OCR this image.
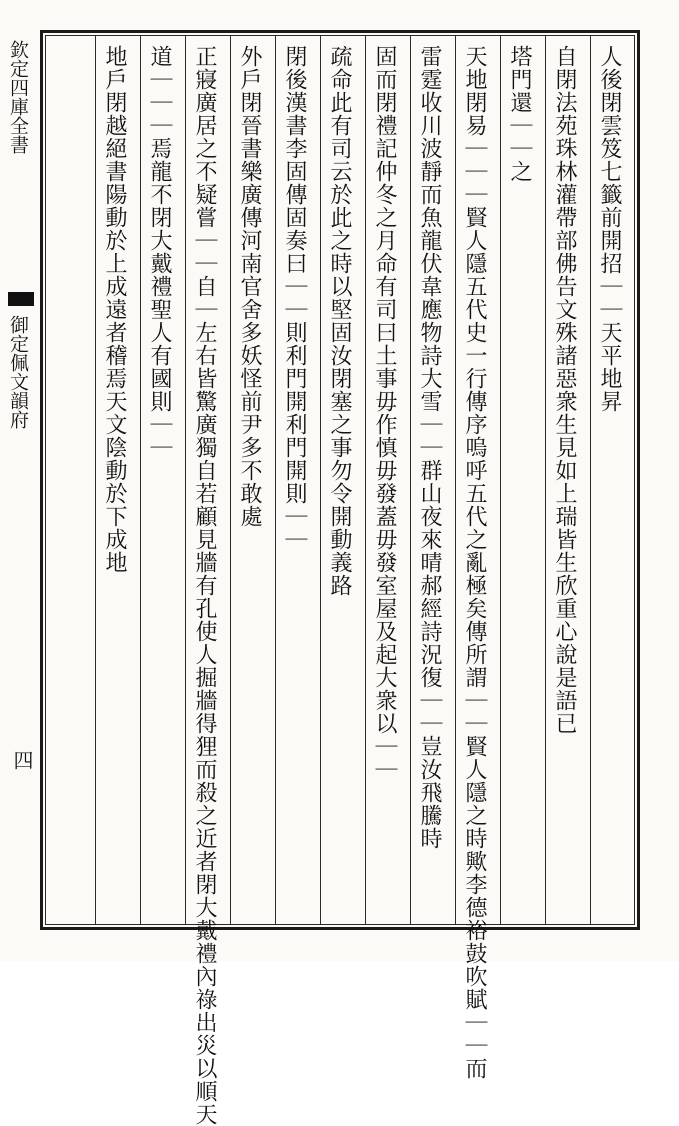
欽定四庫全書
御定佩文韻府
四
人後閉雲笈七籤前開招｜｜天平地昇
自閉法苑珠林灌帶部佛告文殊諸惡衆生見如上瑞皆生欣重心說是語已
塔門還｜｜之
天地閉易｜｜｜賢人隱五代史一行傳序嗚呼五代之亂極矣傳所謂｜｜賢人隱之時歟李德裕鼓吹賦｜｜而
雷霆收川波靜而魚龍伏韋應物詩大雪｜｜群山夜來晴郝經詩況復｜｜豈汝飛騰時
固而閉禮記仲冬之月命有司曰土事毋作慎毋發蓋毋發室屋及起大衆以｜｜
疏命此有司云於此之時以堅固汝閉塞之事勿令開動義路
閉後漢書李固傳固奏曰｜｜則利門開利門開則｜｜
外戶閉晉書樂廣傳河南官舍多妖怪前尹多不敢處
正寢廣居之不疑嘗｜｜自｜左右皆驚廣獨自若顧見牆有孔使人掘牆得狸而殺之近者閉大戴禮內祿出災以順天
道｜｜｜焉龍不閉大戴禮聖人有國則｜｜
地戶閉越絕書陽動於上成遠者稽焉天文陰動於下成地
